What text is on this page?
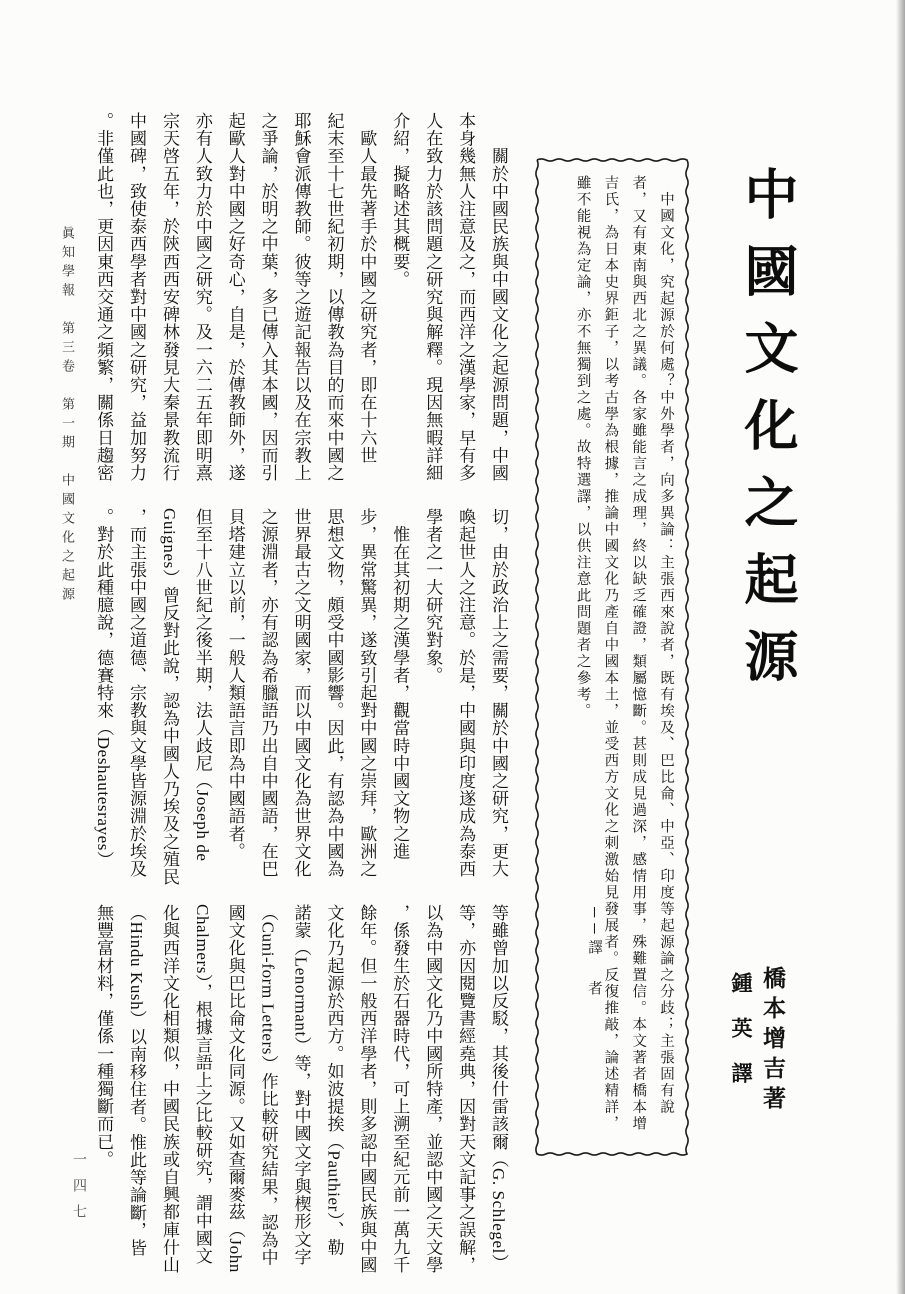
中國文化之起源
　中國文化，究起源於何處？中外學者，向多異論：主張西來說者，既有埃及、巴比侖、中亞、印度等起源論之分歧；主張固有說
者，又有東南與西北之異議。各家雖能言之成理，終以缺乏確證，類屬憶斷。甚則成見過深，感情用事，殊難置信。本文著者橋本增
吉氏，為日本史界鉅子，以考古學為根據，推論中國文化乃產自中國本土，並受西方文化之刺激始見發展者。反復推敲，論述精詳，
雖不能視為定論，亦不無獨到之處。故特選譯，以供注意此問題者之參考。
──譯　者
橋本增吉著
鍾英譯
　　關於中國民族與中國文化之起源問題，中國
本身幾無人注意及之，而西洋之漢學家，早有多
人在致力於該問題之研究與解釋。現因無暇詳細
介紹，擬略述其概要。
　歐人最先著手於中國之研究者，即在十六世
紀末至十七世紀初期，以傳教為目的而來中國之
耶穌會派傳教師。彼等之遊記報告以及在宗教上
之爭論，於明之中葉，多已傳入其本國，因而引
起歐人對中國之好奇心，自是，於傳教師外，遂
亦有人致力於中國之研究。及一六二五年即明熹
宗天啓五年，於陝西西安碑林發見大秦景教流行
中國碑，致使泰西學者對中國之研究，益加努力
。非僅此也，更因東西交通之頻繁，關係日趨密
切，由於政治上之需要，關於中國之研究，更大
喚起世人之注意。於是，中國與印度遂成為泰西
學者之一大研究對象。
　惟在其初期之漢學者，觀當時中國文物之進
步，異常驚異，遂致引起對中國之崇拜，歐洲之
思想文物，頗受中國影響。因此，有認為中國為
世界最古之文明國家，而以中國文化為世界文化
之源淵者，亦有認為希臘語乃出自中國語，在巴
貝塔建立以前，一般人類語言即為中國語者。
但至十八世紀之後半期，法人歧尼（Joseph de
Guignes）曾反對此說，認為中國人乃埃及之殖民
，而主張中國之道德、宗教與文學皆源淵於埃及
。對於此種臆說，德賽特來（Deshautesrayes）
等雖曾加以反駁，其後什雷該爾（G. Schlegel）
等，亦因閱覽書經堯典，因對天文記事之誤解，
以為中國文化乃中國所特產，並認中國之天文學
，係發生於石器時代，可上溯至紀元前一萬九千
餘年。但一般西洋學者，則多認中國民族與中國
文化乃起源於西方。如波提挨（Pauthier）、勒
諾蒙（Lenormant）等，對中國文字與楔形文字
（Cuni-form Letters）作比較研究結果，認為中
國文化與巴比侖文化同源。又如查爾麥茲（John
Chalmers），根據言語上之比較研究，謂中國文
化與西洋文化相類似，中國民族或自興都庫什山
（Hindu Kush）以南移住者。惟此等論斷，皆
無豐富材料，僅係一種獨斷而已。
眞知學報　第三卷　第一期　中國文化之起源
一四七
